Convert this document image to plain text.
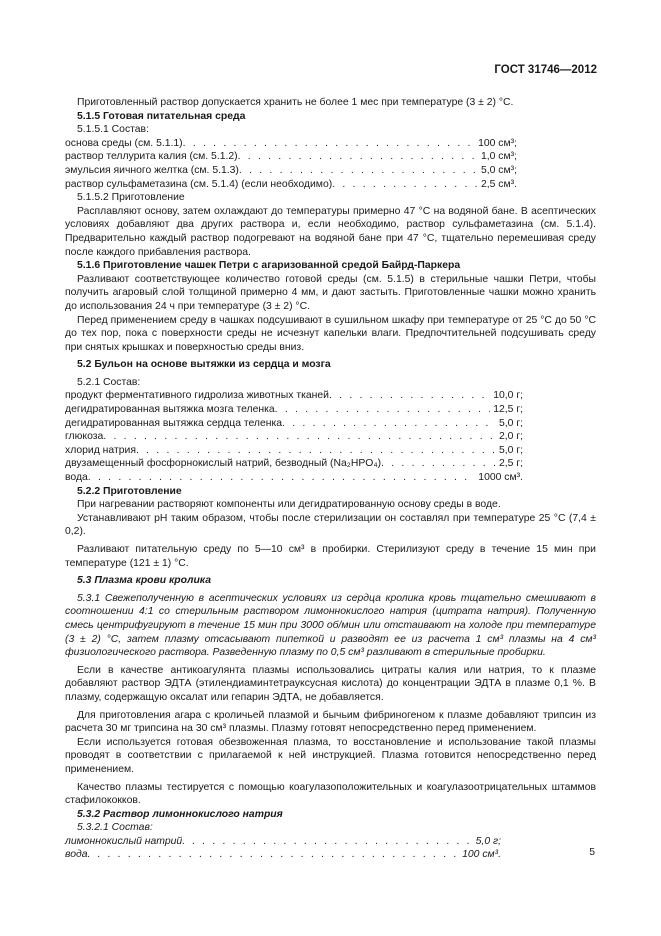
ГОСТ 31746—2012

Приготовленный раствор допускается хранить не более 1 мес при температуре (3 ± 2) °С.

5.1.5 Готовая питательная среда

5.1.5.1 Состав:

основа среды (см. 5.1.1) . . .	100 см³;
раствор теллурита калия (см. 5.1.2) . . .	1,0 см³;
эмульсия яичного желтка (см. 5.1.3) . . .	5,0 см³;
раствор сульфаметазина (см. 5.1.4) (если необходимо) . . .	2,5 см³.

5.1.5.2 Приготовление

Расплавляют основу, затем охлаждают до температуры примерно 47 °С на водяной бане. В асептических условиях добавляют два других раствора и, если необходимо, раствор сульфаметазина (см. 5.1.4). Предварительно каждый раствор подогревают на водяной бане при 47 °С, тщательно перемешивая среду после каждого прибавления раствора.

5.1.6 Приготовление чашек Петри с агаризованной средой Байрд-Паркера

Разливают соответствующее количество готовой среды (см. 5.1.5) в стерильные чашки Петри, чтобы получить агаровый слой толщиной примерно 4 мм, и дают застыть. Приготовленные чашки можно хранить до использования 24 ч при температуре (3 ± 2) °С.

Перед применением среду в чашках подсушивают в сушильном шкафу при температуре от 25 °С до 50 °С до тех пор, пока с поверхности среды не исчезнут капельки влаги. Предпочтительней подсушивать среду при снятых крышках и поверхностью среды вниз.

5.2 Бульон на основе вытяжки из сердца и мозга

5.2.1 Состав:

продукт ферментативного гидролиза животных тканей . . .	10,0 г;
дегидратированная вытяжка мозга теленка . . .	12,5 г;
дегидратированная вытяжка сердца теленка . . .	5,0 г;
глюкоза . . .	2,0 г;
хлорид натрия . . .	5,0 г;
двузамещенный фосфорнокислый натрий, безводный (Na₂HPO₄) . . .	2,5 г;
вода . . .	1000 см³.

5.2.2 Приготовление

При нагревании растворяют компоненты или дегидратированную основу среды в воде.

Устанавливают рН таким образом, чтобы после стерилизации он составлял при температуре 25 °С (7,4 ± 0,2).

Разливают питательную среду по 5—10 см³ в пробирки. Стерилизуют среду в течение 15 мин при температуре (121 ± 1) °С.

5.3 Плазма крови кролика

5.3.1 Свежеполученную в асептических условиях из сердца кролика кровь тщательно смешивают в соотношении 4:1 со стерильным раствором лимоннокислого натрия (цитрата натрия). Полученную смесь центрифугируют в течение 15 мин при 3000 об/мин или отстаивают на холоде при температуре (3 ± 2) °С, затем плазму отсасывают пипеткой и разводят ее из расчета 1 см³ плазмы на 4 см³ физиологического раствора. Разведенную плазму по 0,5 см³ разливают в стерильные пробирки.

Если в качестве антикоагулянта плазмы использовались цитраты калия или натрия, то к плазме добавляют раствор ЭДТА (этилендиаминтетрауксусная кислота) до концентрации ЭДТА в плазме 0,1 %. В плазму, содержащую оксалат или гепарин ЭДТА, не добавляется.

Для приготовления агара с кроличьей плазмой и бычьим фибриногеном к плазме добавляют трипсин из расчета 30 мг трипсина на 30 см³ плазмы. Плазму готовят непосредственно перед применением.

Если используется готовая обезвоженная плазма, то восстановление и использование такой плазмы проводят в соответствии с прилагаемой к ней инструкцией. Плазма готовится непосредственно перед применением.

Качество плазмы тестируется с помощью коагулазоположительных и коагулазоотрицательных штаммов стафилококков.

5.3.2 Раствор лимоннокислого натрия

5.3.2.1 Состав:

лимоннокислый натрий . . .	5,0 г;
вода . . .	100 см³.	5
